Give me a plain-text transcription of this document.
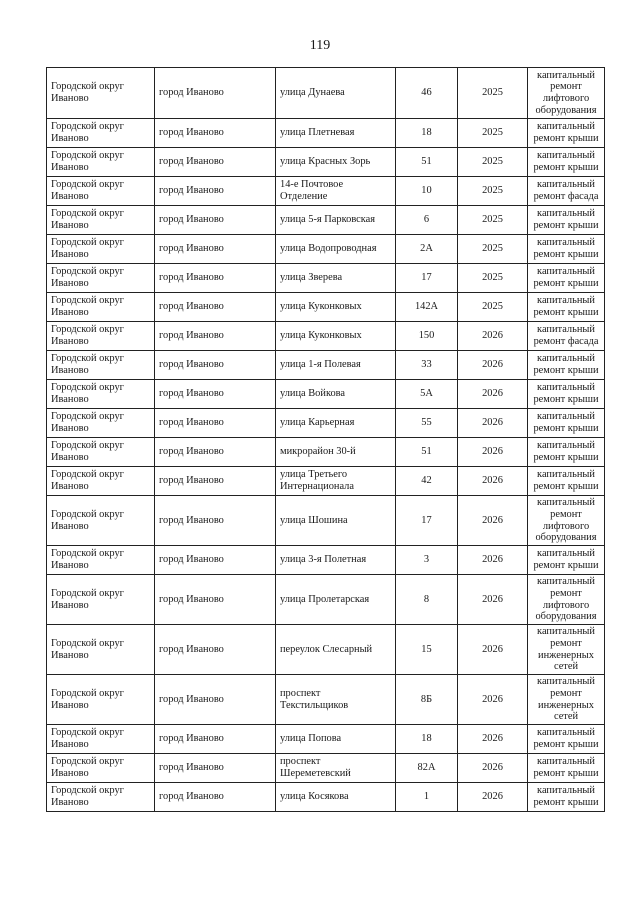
119
Городской округ Иваново	город Иваново	улица Дунаева	46	2025	капитальный ремонт лифтового оборудования
Городской округ Иваново	город Иваново	улица Плетневая	18	2025	капитальный ремонт крыши
Городской округ Иваново	город Иваново	улица Красных Зорь	51	2025	капитальный ремонт крыши
Городской округ Иваново	город Иваново	14-е Почтовое Отделение	10	2025	капитальный ремонт фасада
Городской округ Иваново	город Иваново	улица 5-я Парковская	6	2025	капитальный ремонт крыши
Городской округ Иваново	город Иваново	улица Водопроводная	2А	2025	капитальный ремонт крыши
Городской округ Иваново	город Иваново	улица Зверева	17	2025	капитальный ремонт крыши
Городской округ Иваново	город Иваново	улица Куконковых	142А	2025	капитальный ремонт крыши
Городской округ Иваново	город Иваново	улица Куконковых	150	2026	капитальный ремонт фасада
Городской округ Иваново	город Иваново	улица 1-я Полевая	33	2026	капитальный ремонт крыши
Городской округ Иваново	город Иваново	улица Войкова	5А	2026	капитальный ремонт крыши
Городской округ Иваново	город Иваново	улица Карьерная	55	2026	капитальный ремонт крыши
Городской округ Иваново	город Иваново	микрорайон 30-й	51	2026	капитальный ремонт крыши
Городской округ Иваново	город Иваново	улица Третьего Интернационала	42	2026	капитальный ремонт крыши
Городской округ Иваново	город Иваново	улица Шошина	17	2026	капитальный ремонт лифтового оборудования
Городской округ Иваново	город Иваново	улица 3-я Полетная	3	2026	капитальный ремонт крыши
Городской округ Иваново	город Иваново	улица Пролетарская	8	2026	капитальный ремонт лифтового оборудования
Городской округ Иваново	город Иваново	переулок Слесарный	15	2026	капитальный ремонт инженерных сетей
Городской округ Иваново	город Иваново	проспект Текстильщиков	8Б	2026	капитальный ремонт инженерных сетей
Городской округ Иваново	город Иваново	улица Попова	18	2026	капитальный ремонт крыши
Городской округ Иваново	город Иваново	проспект Шереметевский	82А	2026	капитальный ремонт крыши
Городской округ Иваново	город Иваново	улица Косякова	1	2026	капитальный ремонт крыши
